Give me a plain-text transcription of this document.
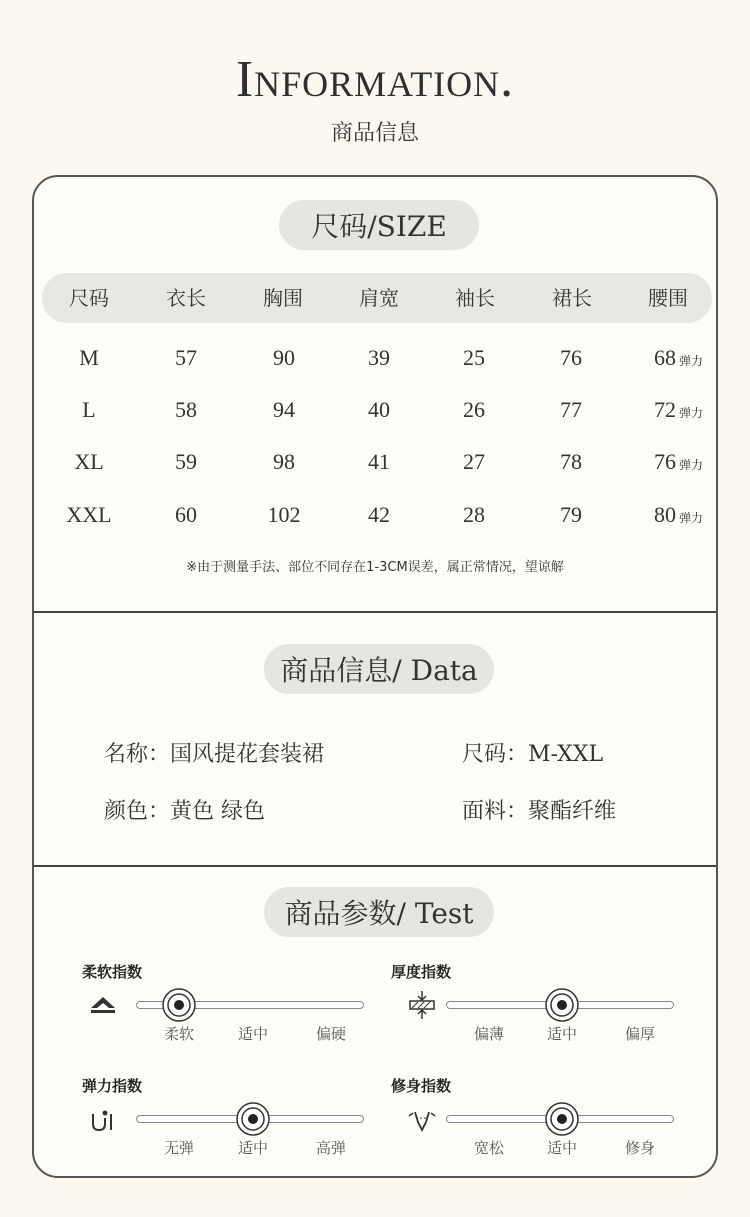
Information.
商品信息
尺码/SIZE
尺码	衣长	胸围	肩宽	袖长	裙长	腰围
M	57	90	39	25	76	68 弹力
L	58	94	40	26	77	72 弹力
XL	59	98	41	27	78	76 弹力
XXL	60	102	42	28	79	80 弹力
※由于测量手法、部位不同存在1-3CM误差，属正常情况，望谅解
商品信息/ Data
名称：国风提花套装裙	尺码：M-XXL
颜色：黄色 绿色	面料：聚酯纤维
商品参数/ Test
柔软指数
柔软	适中	偏硬
厚度指数
偏薄	适中	偏厚
弹力指数
无弹	适中	高弹
修身指数
宽松	适中	修身
